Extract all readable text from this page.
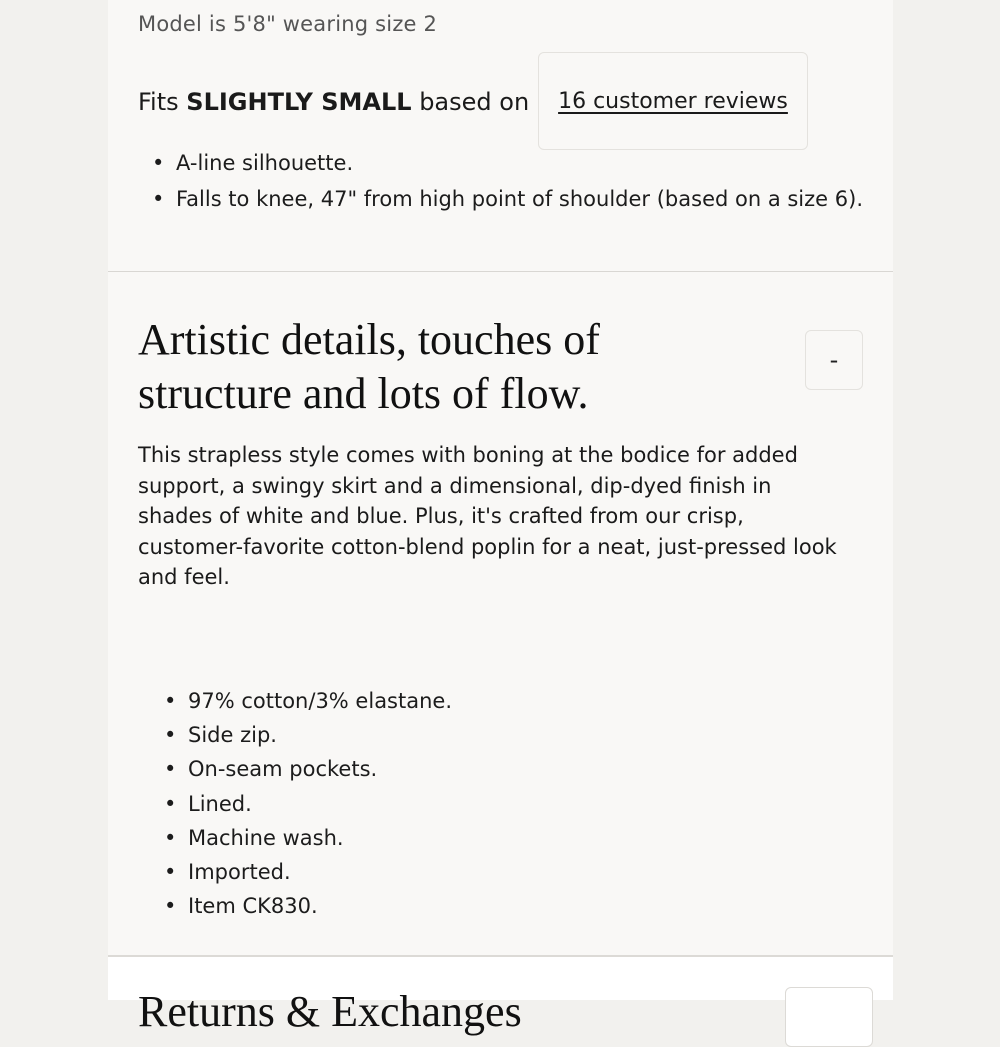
Model is 5'8" wearing size 2
Fits SLIGHTLY SMALL based on	16 customer reviews
• A-line silhouette.
• Falls to knee, 47" from high point of shoulder (based on a size 6).
Artistic details, touches of structure and lots of flow.
-
This strapless style comes with boning at the bodice for added support, a swingy skirt and a dimensional, dip-dyed finish in shades of white and blue. Plus, it's crafted from our crisp, customer-favorite cotton-blend poplin for a neat, just-pressed look and feel.
• 97% cotton/3% elastane.
• Side zip.
• On-seam pockets.
• Lined.
• Machine wash.
• Imported.
• Item CK830.
Returns & Exchanges
